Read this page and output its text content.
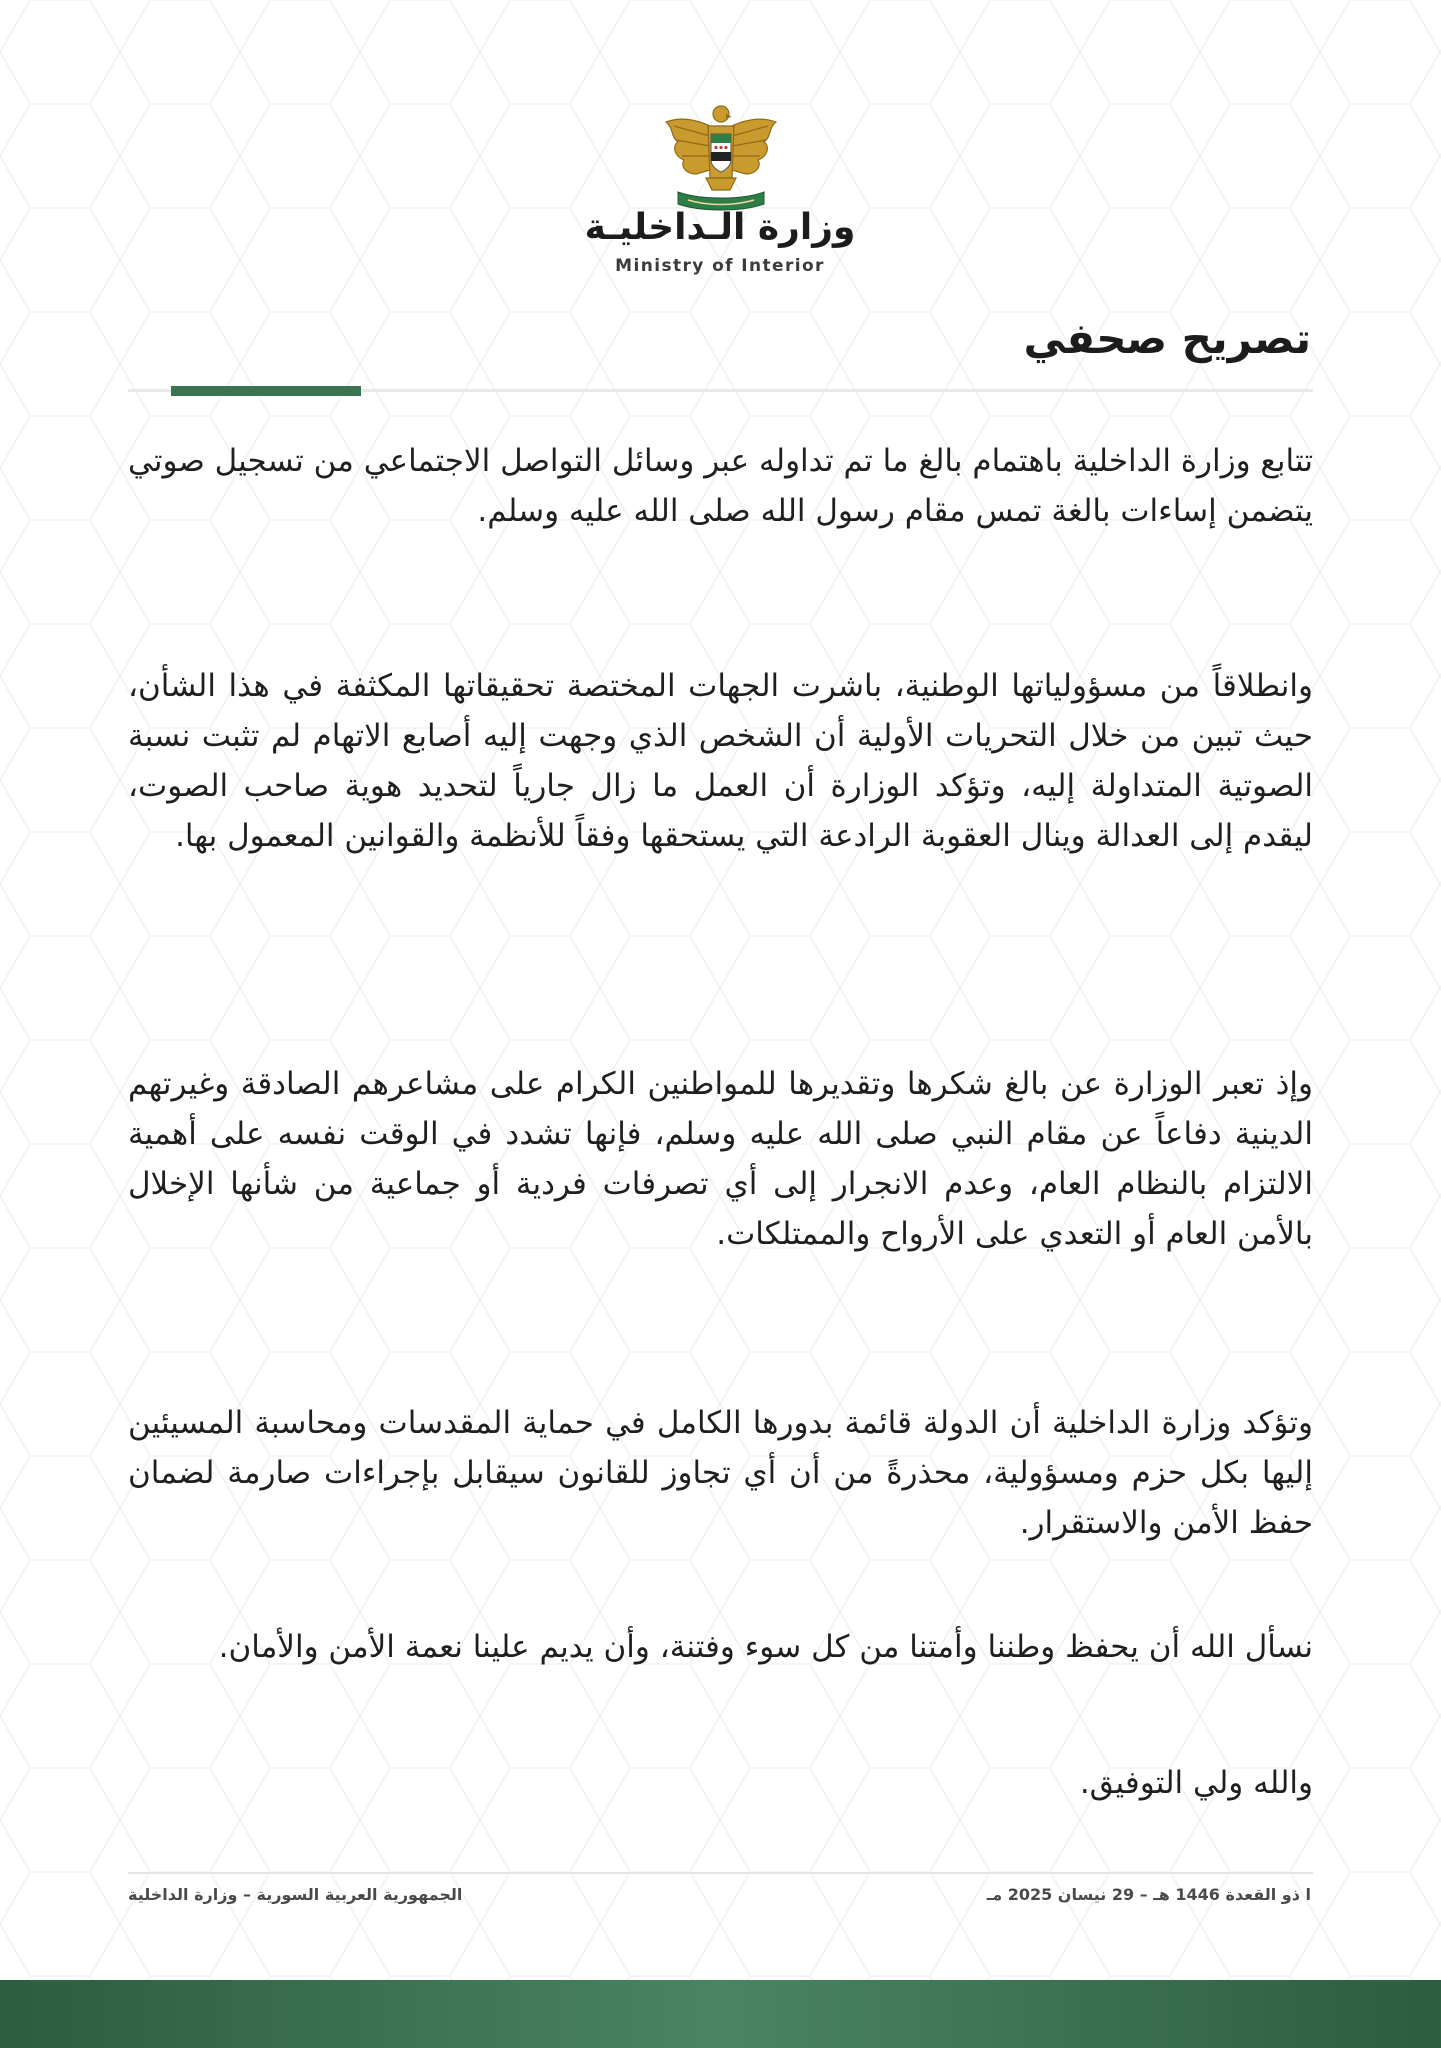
وزارة الـداخليـة
Ministry of Interior
تصريح صحفي

تتابع وزارة الداخلية باهتمام بالغ ما تم تداوله عبر وسائل التواصل الاجتماعي من تسجيل صوتي يتضمن إساءات بالغة تمس مقام رسول الله صلى الله عليه وسلم.

وانطلاقاً من مسؤولياتها الوطنية، باشرت الجهات المختصة تحقيقاتها المكثفة في هذا الشأن، حيث تبين من خلال التحريات الأولية أن الشخص الذي وجهت إليه أصابع الاتهام لم تثبت نسبة الصوتية المتداولة إليه، وتؤكد الوزارة أن العمل ما زال جارياً لتحديد هوية صاحب الصوت، ليقدم إلى العدالة وينال العقوبة الرادعة التي يستحقها وفقاً للأنظمة والقوانين المعمول بها.

وإذ تعبر الوزارة عن بالغ شكرها وتقديرها للمواطنين الكرام على مشاعرهم الصادقة وغيرتهم الدينية دفاعاً عن مقام النبي صلى الله عليه وسلم، فإنها تشدد في الوقت نفسه على أهمية الالتزام بالنظام العام، وعدم الانجرار إلى أي تصرفات فردية أو جماعية من شأنها الإخلال بالأمن العام أو التعدي على الأرواح والممتلكات.

وتؤكد وزارة الداخلية أن الدولة قائمة بدورها الكامل في حماية المقدسات ومحاسبة المسيئين إليها بكل حزم ومسؤولية، محذرةً من أن أي تجاوز للقانون سيقابل بإجراءات صارمة لضمان حفظ الأمن والاستقرار.

نسأل الله أن يحفظ وطننا وأمتنا من كل سوء وفتنة، وأن يديم علينا نعمة الأمن والأمان.

والله ولي التوفيق.

الجمهورية العربية السورية – وزارة الداخلية	ا ذو القعدة 1446 هـ – 29 نيسان 2025 مـ
